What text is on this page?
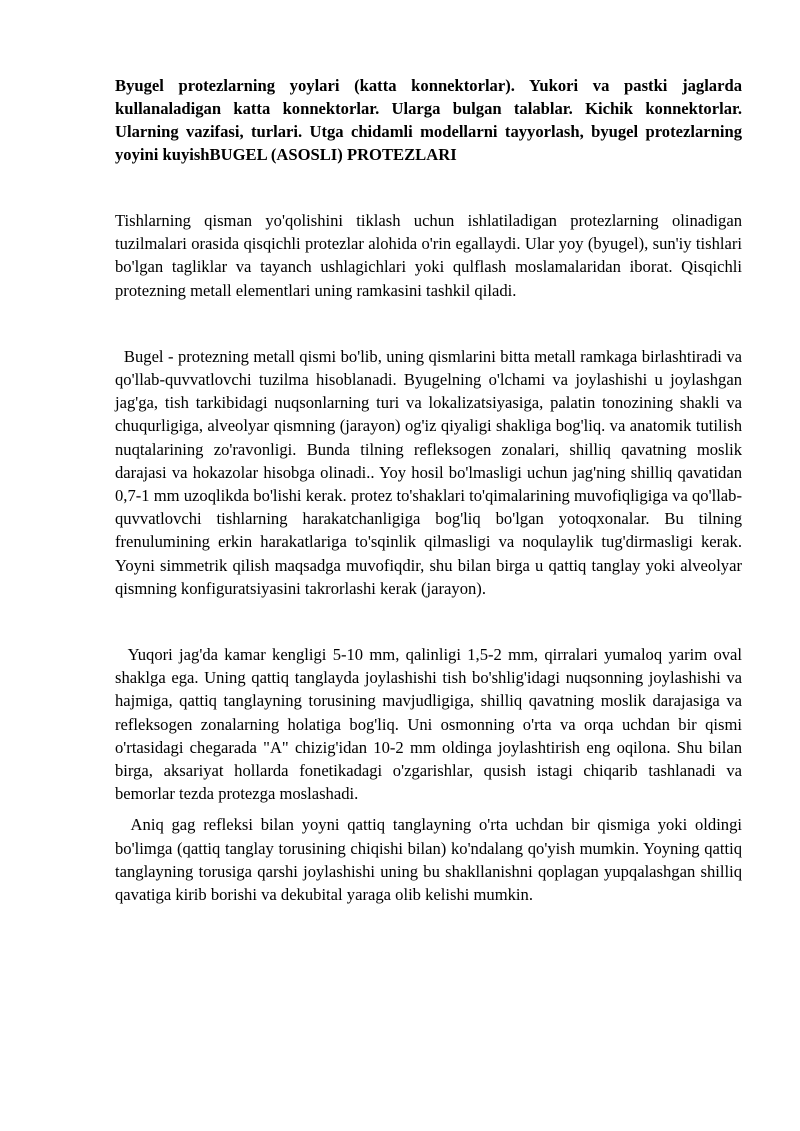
Byugel protezlarning yoylari (katta konnektorlar). Yukori va pastki jaglarda kullanaladigan katta konnektorlar. Ularga bulgan talablar. Kichik konnektorlar. Ularning vazifasi, turlari. Utga chidamli modellarni tayyorlash, byugel protezlarning yoyini kuyishBUGEL (ASOSLI) PROTEZLARI

Tishlarning qisman yo'qolishini tiklash uchun ishlatiladigan protezlarning olinadigan tuzilmalari orasida qisqichli protezlar alohida o'rin egallaydi. Ular yoy (byugel), sun'iy tishlari bo'lgan tagliklar va tayanch ushlagichlari yoki qulflash moslamalaridan iborat. Qisqichli protezning metall elementlari uning ramkasini tashkil qiladi.

Bugel - protezning metall qismi bo'lib, uning qismlarini bitta metall ramkaga birlashtiradi va qo'llab-quvvatlovchi tuzilma hisoblanadi. Byugelning o'lchami va joylashishi u joylashgan jag'ga, tish tarkibidagi nuqsonlarning turi va lokalizatsiyasiga, palatin tonozining shakli va chuqurligiga, alveolyar qismning (jarayon) og'iz qiyaligi shakliga bog'liq. va anatomik tutilish nuqtalarining zo'ravonligi. Bunda tilning refleksogen zonalari, shilliq qavatning moslik darajasi va hokazolar hisobga olinadi.. Yoy hosil bo'lmasligi uchun jag'ning shilliq qavatidan 0,7-1 mm uzoqlikda bo'lishi kerak. protez to'shaklari to'qimalarining muvofiqligiga va qo'llab-quvvatlovchi tishlarning harakatchanligiga bog'liq bo'lgan yotoqxonalar. Bu tilning frenulumining erkin harakatlariga to'sqinlik qilmasligi va noqulaylik tug'dirmasligi kerak. Yoyni simmetrik qilish maqsadga muvofiqdir, shu bilan birga u qattiq tanglay yoki alveolyar qismning konfiguratsiyasini takrorlashi kerak (jarayon).

Yuqori jag'da kamar kengligi 5-10 mm, qalinligi 1,5-2 mm, qirralari yumaloq yarim oval shaklga ega. Uning qattiq tanglayda joylashishi tish bo'shlig'idagi nuqsonning joylashishi va hajmiga, qattiq tanglayning torusining mavjudligiga, shilliq qavatning moslik darajasiga va refleksogen zonalarning holatiga bog'liq. Uni osmonning o'rta va orqa uchdan bir qismi o'rtasidagi chegarada "A" chizig'idan 10-2 mm oldinga joylashtirish eng oqilona. Shu bilan birga, aksariyat hollarda fonetikadagi o'zgarishlar, qusish istagi chiqarib tashlanadi va bemorlar tezda protezga moslashadi.

Aniq gag refleksi bilan yoyni qattiq tanglayning o'rta uchdan bir qismiga yoki oldingi bo'limga (qattiq tanglay torusining chiqishi bilan) ko'ndalang qo'yish mumkin. Yoyning qattiq tanglayning torusiga qarshi joylashishi uning bu shakllanishni qoplagan yupqalashgan shilliq qavatiga kirib borishi va dekubital yaraga olib kelishi mumkin.
